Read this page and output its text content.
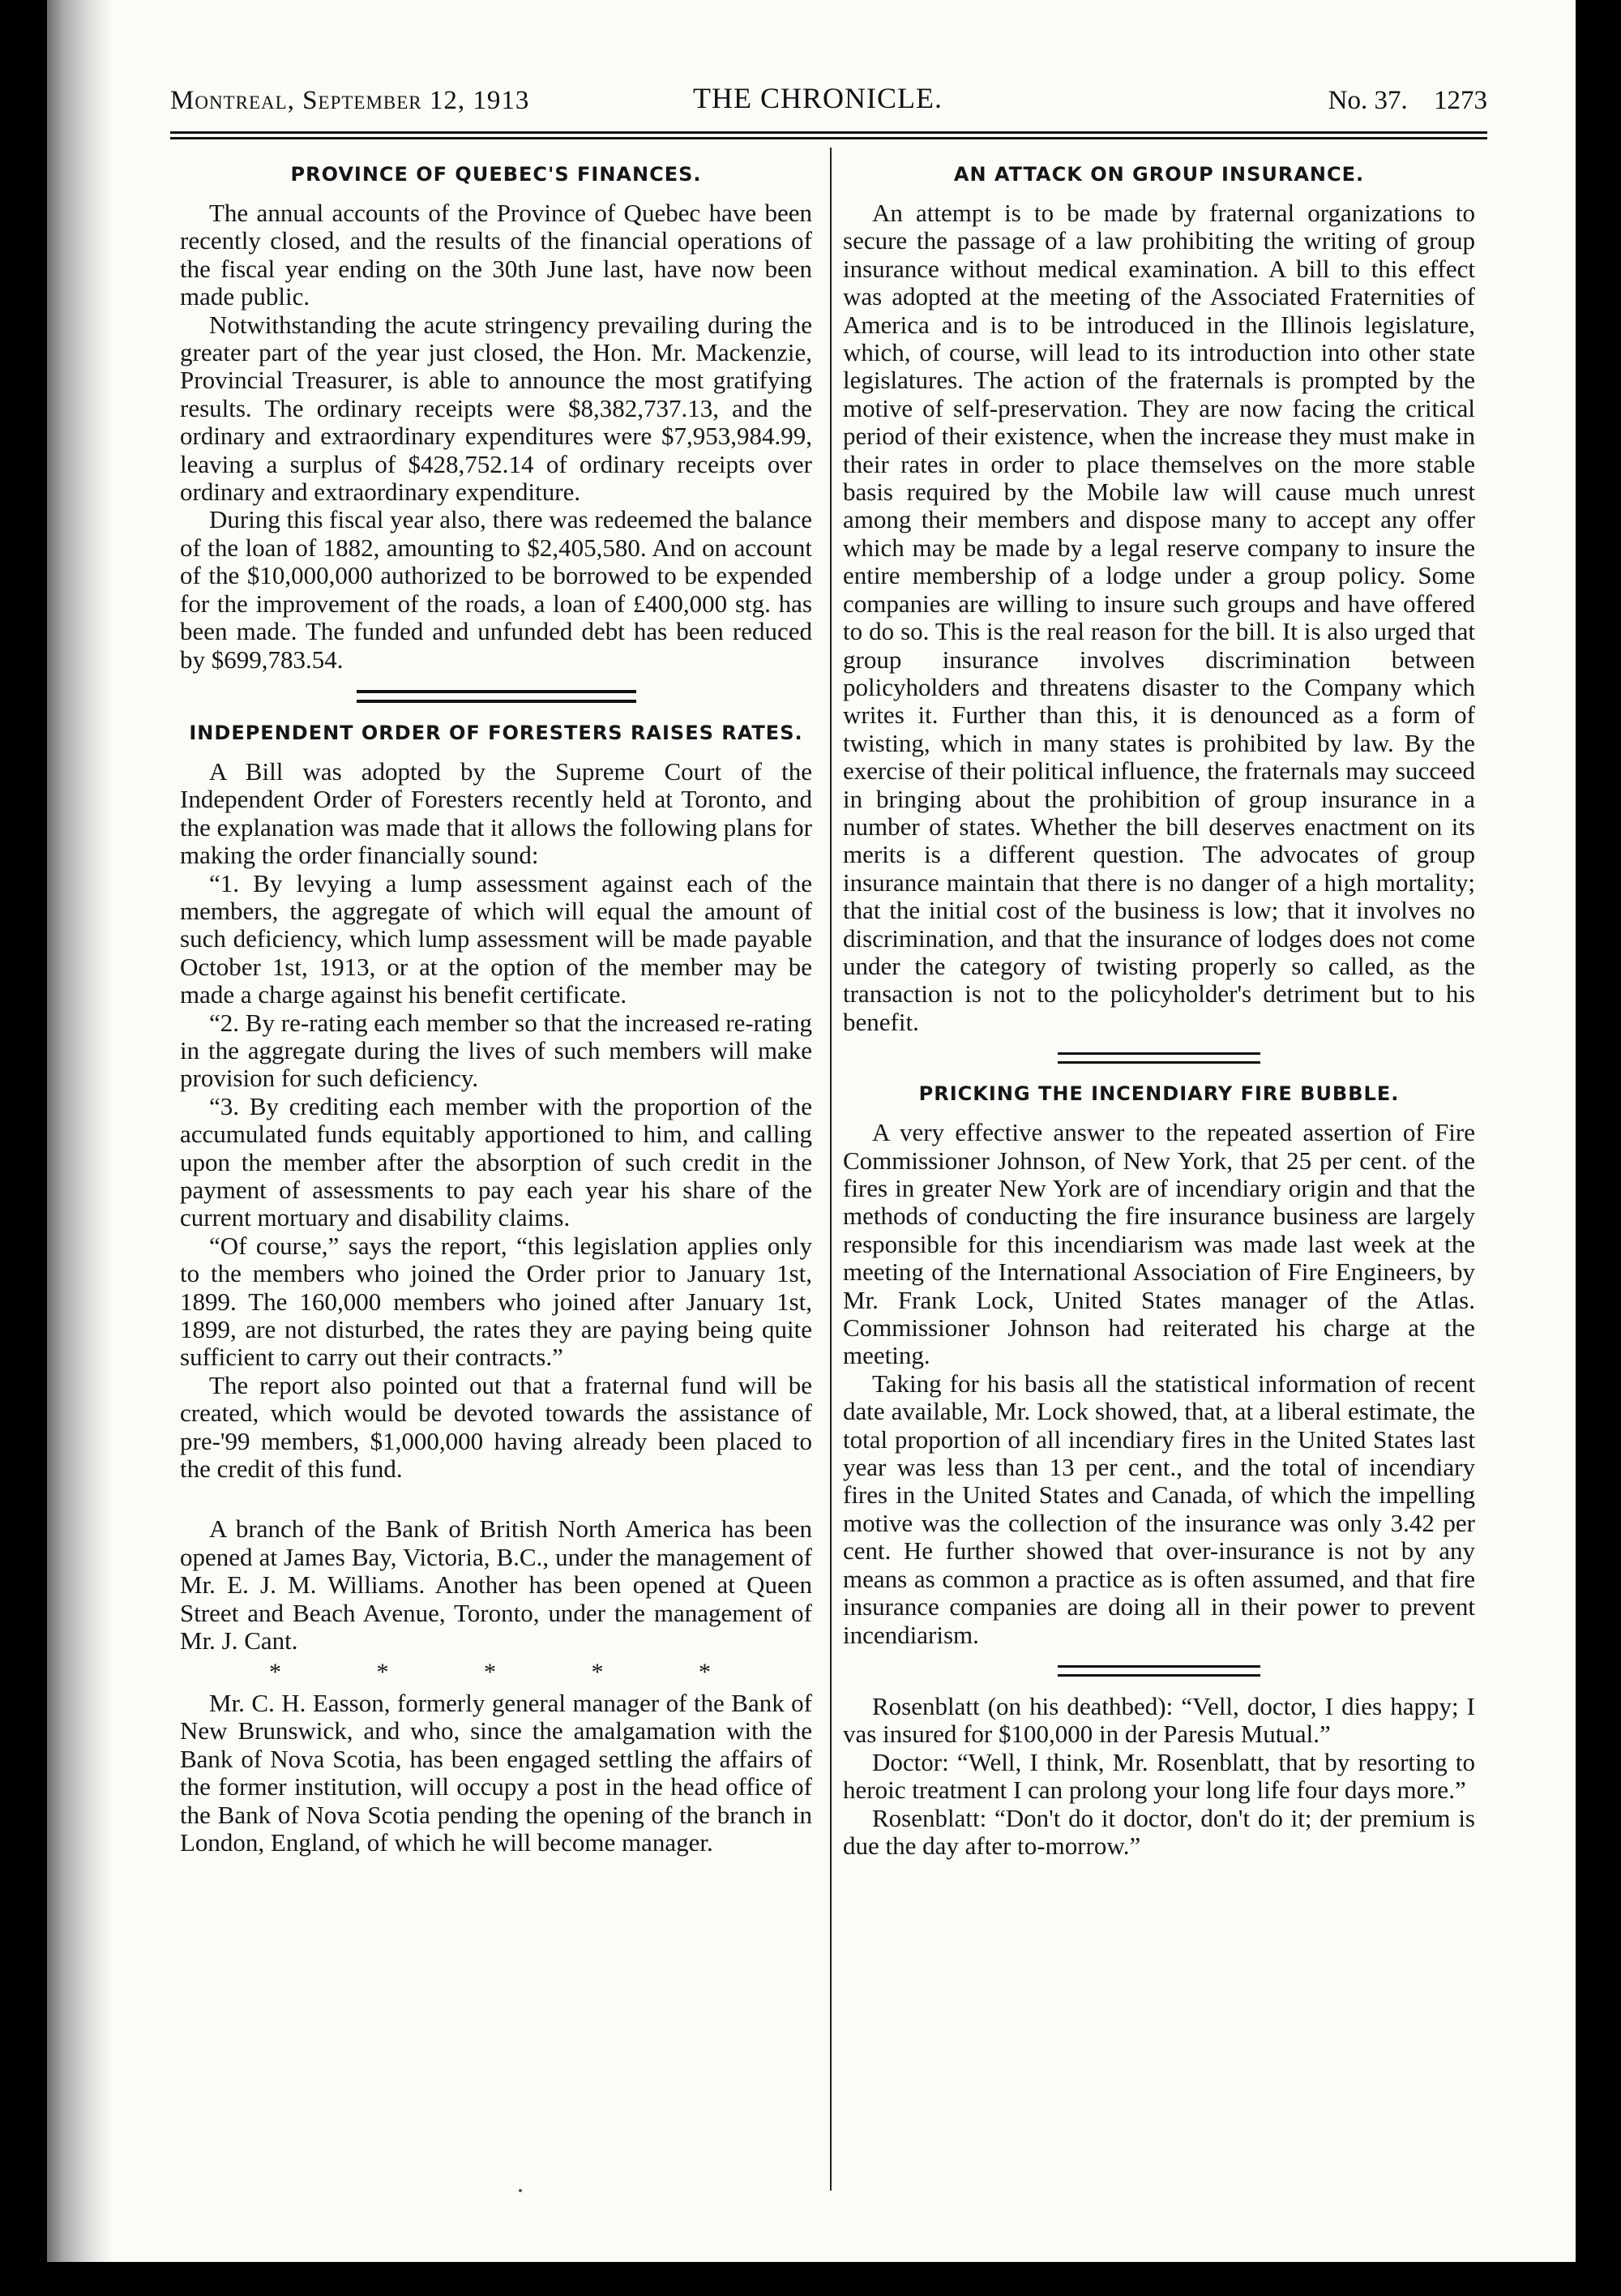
Montreal, September 12, 1913	THE CHRONICLE.	No. 37. 1273
PROVINCE OF QUEBEC'S FINANCES.

The annual accounts of the Province of Quebec have been recently closed, and the results of the financial operations of the fiscal year ending on the 30th June last, have now been made public.

Notwithstanding the acute stringency prevailing during the greater part of the year just closed, the Hon. Mr. Mackenzie, Provincial Treasurer, is able to announce the most gratifying results. The ordinary receipts were $8,382,737.13, and the ordinary and extraordinary expenditures were $7,953,984.99, leaving a surplus of $428,752.14 of ordinary receipts over ordinary and extraordinary expenditure.

During this fiscal year also, there was redeemed the balance of the loan of 1882, amounting to $2,405,580. And on account of the $10,000,000 authorized to be borrowed to be expended for the improvement of the roads, a loan of £400,000 stg. has been made. The funded and unfunded debt has been reduced by $699,783.54.

INDEPENDENT ORDER OF FORESTERS RAISES RATES.

A Bill was adopted by the Supreme Court of the Independent Order of Foresters recently held at Toronto, and the explanation was made that it allows the following plans for making the order financially sound:

“1. By levying a lump assessment against each of the members, the aggregate of which will equal the amount of such deficiency, which lump assessment will be made payable October 1st, 1913, or at the option of the member may be made a charge against his benefit certificate.

“2. By re-rating each member so that the increased re-rating in the aggregate during the lives of such members will make provision for such deficiency.

“3. By crediting each member with the proportion of the accumulated funds equitably apportioned to him, and calling upon the member after the absorption of such credit in the payment of assessments to pay each year his share of the current mortuary and disability claims.

“Of course,” says the report, “this legislation applies only to the members who joined the Order prior to January 1st, 1899. The 160,000 members who joined after January 1st, 1899, are not disturbed, the rates they are paying being quite sufficient to carry out their contracts.”

The report also pointed out that a fraternal fund will be created, which would be devoted towards the assistance of pre-'99 members, $1,000,000 having already been placed to the credit of this fund.

A branch of the Bank of British North America has been opened at James Bay, Victoria, B.C., under the management of Mr. E. J. M. Williams. Another has been opened at Queen Street and Beach Avenue, Toronto, under the management of Mr. J. Cant.

* * * * *

Mr. C. H. Easson, formerly general manager of the Bank of New Brunswick, and who, since the amalgamation with the Bank of Nova Scotia, has been engaged settling the affairs of the former institution, will occupy a post in the head office of the Bank of Nova Scotia pending the opening of the branch in London, England, of which he will become manager.

AN ATTACK ON GROUP INSURANCE.

An attempt is to be made by fraternal organizations to secure the passage of a law prohibiting the writing of group insurance without medical examination. A bill to this effect was adopted at the meeting of the Associated Fraternities of America and is to be introduced in the Illinois legislature, which, of course, will lead to its introduction into other state legislatures. The action of the fraternals is prompted by the motive of self-preservation. They are now facing the critical period of their existence, when the increase they must make in their rates in order to place themselves on the more stable basis required by the Mobile law will cause much unrest among their members and dispose many to accept any offer which may be made by a legal reserve company to insure the entire membership of a lodge under a group policy. Some companies are willing to insure such groups and have offered to do so. This is the real reason for the bill. It is also urged that group insurance involves discrimination between policyholders and threatens disaster to the Company which writes it. Further than this, it is denounced as a form of twisting, which in many states is prohibited by law. By the exercise of their political influence, the fraternals may succeed in bringing about the prohibition of group insurance in a number of states. Whether the bill deserves enactment on its merits is a different question. The advocates of group insurance maintain that there is no danger of a high mortality; that the initial cost of the business is low; that it involves no discrimination, and that the insurance of lodges does not come under the category of twisting properly so called, as the transaction is not to the policyholder's detriment but to his benefit.

PRICKING THE INCENDIARY FIRE BUBBLE.

A very effective answer to the repeated assertion of Fire Commissioner Johnson, of New York, that 25 per cent. of the fires in greater New York are of incendiary origin and that the methods of conducting the fire insurance business are largely responsible for this incendiarism was made last week at the meeting of the International Association of Fire Engineers, by Mr. Frank Lock, United States manager of the Atlas. Commissioner Johnson had reiterated his charge at the meeting.

Taking for his basis all the statistical information of recent date available, Mr. Lock showed, that, at a liberal estimate, the total proportion of all incendiary fires in the United States last year was less than 13 per cent., and the total of incendiary fires in the United States and Canada, of which the impelling motive was the collection of the insurance was only 3.42 per cent. He further showed that over-insurance is not by any means as common a practice as is often assumed, and that fire insurance companies are doing all in their power to prevent incendiarism.

Rosenblatt (on his deathbed): “Vell, doctor, I dies happy; I vas insured for $100,000 in der Paresis Mutual.”

Doctor: “Well, I think, Mr. Rosenblatt, that by resorting to heroic treatment I can prolong your long life four days more.”

Rosenblatt: “Don't do it doctor, don't do it; der premium is due the day after to-morrow.”
